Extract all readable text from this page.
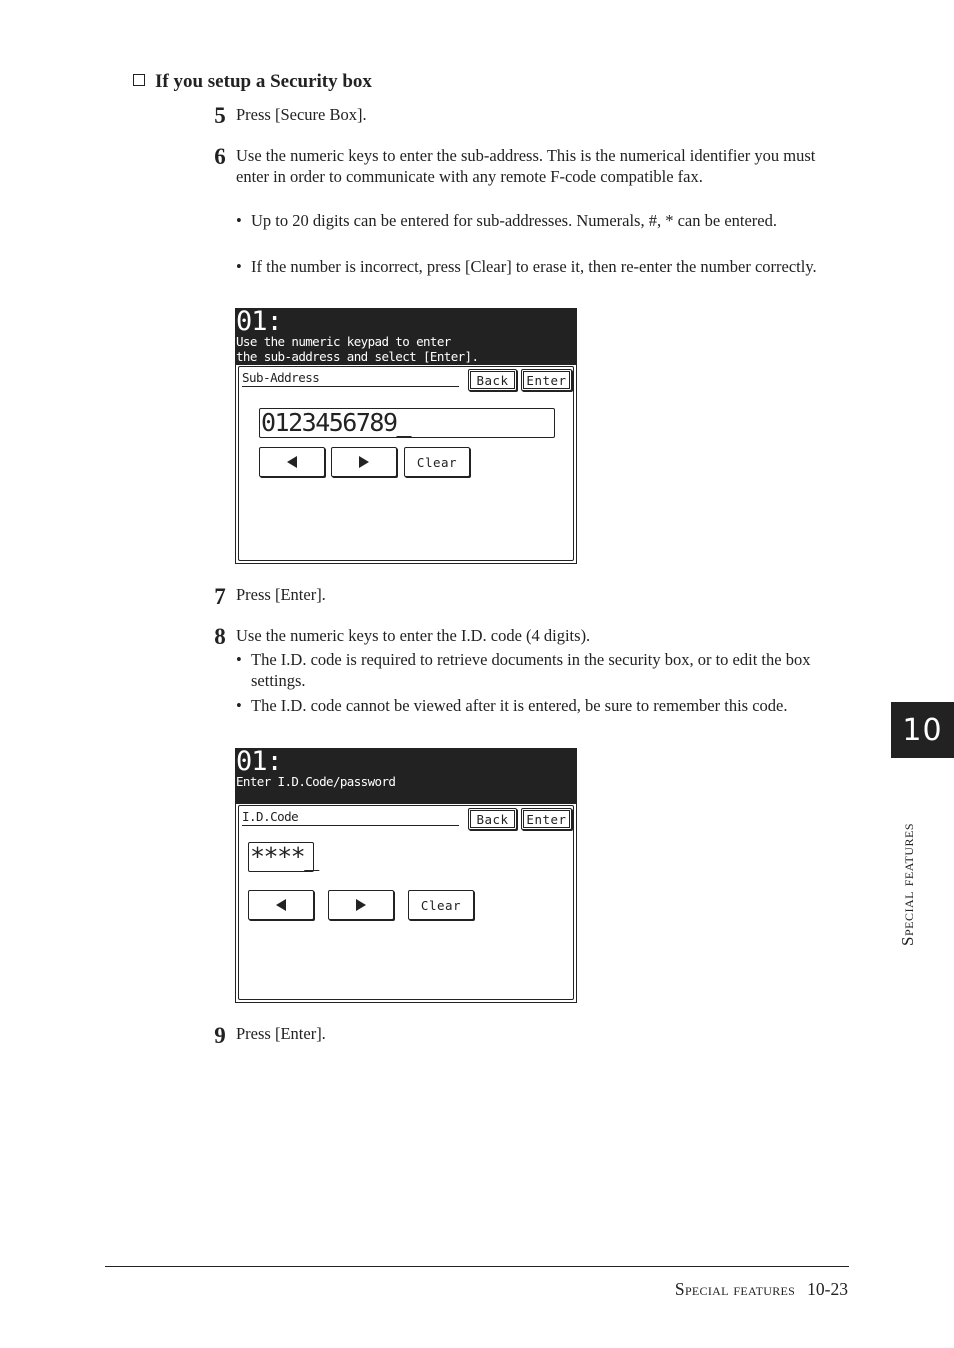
If you setup a Security box
5 Press [Secure Box].
6 Use the numeric keys to enter the sub-address. This is the numerical identifier you must enter in order to communicate with any remote F-code compatible fax.
• Up to 20 digits can be entered for sub-addresses. Numerals, #, * can be entered.
• If the number is incorrect, press [Clear] to erase it, then re-enter the number correctly.
01:
Use the numeric keypad to enter
the sub-address and select [Enter].
Sub-Address	Back Enter
0123456789_
Clear
7 Press [Enter].
8 Use the numeric keys to enter the I.D. code (4 digits).
• The I.D. code is required to retrieve documents in the security box, or to edit the box settings.
• The I.D. code cannot be viewed after it is entered, be sure to remember this code.
01:
Enter I.D.Code/password
I.D.Code	Back Enter
****_
Clear
9 Press [Enter].
10
Special features
Special features 10-23
